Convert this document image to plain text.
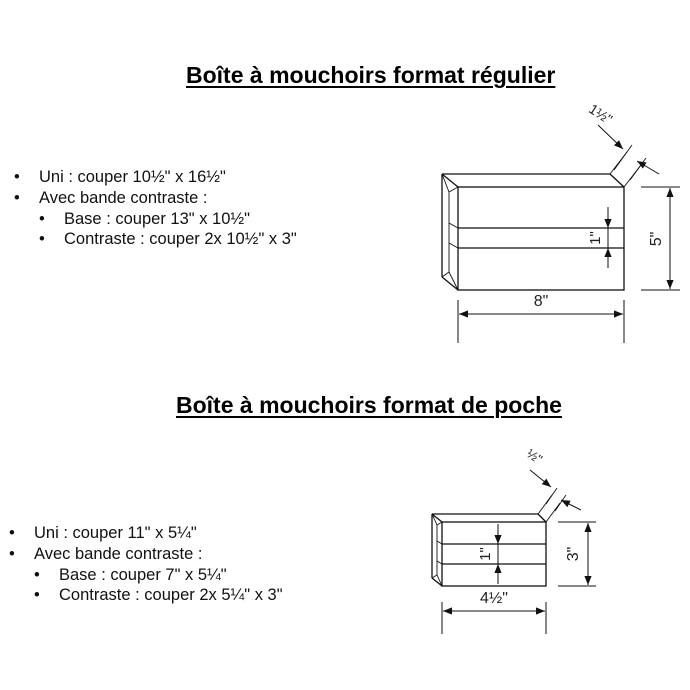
Boîte à mouchoirs format régulier
• Uni : couper 10½" x 16½"
• Avec bande contraste :
• Base : couper 13" x 10½"
• Contraste : couper 2x 10½" x 3"
Boîte à mouchoirs format de poche
• Uni : couper 11" x 5¼"
• Avec bande contraste :
• Base : couper 7" x 5¼"
• Contraste : couper 2x 5¼" x 3"
8"
5"
1"
1½"
4½"
3"
1"
½"
